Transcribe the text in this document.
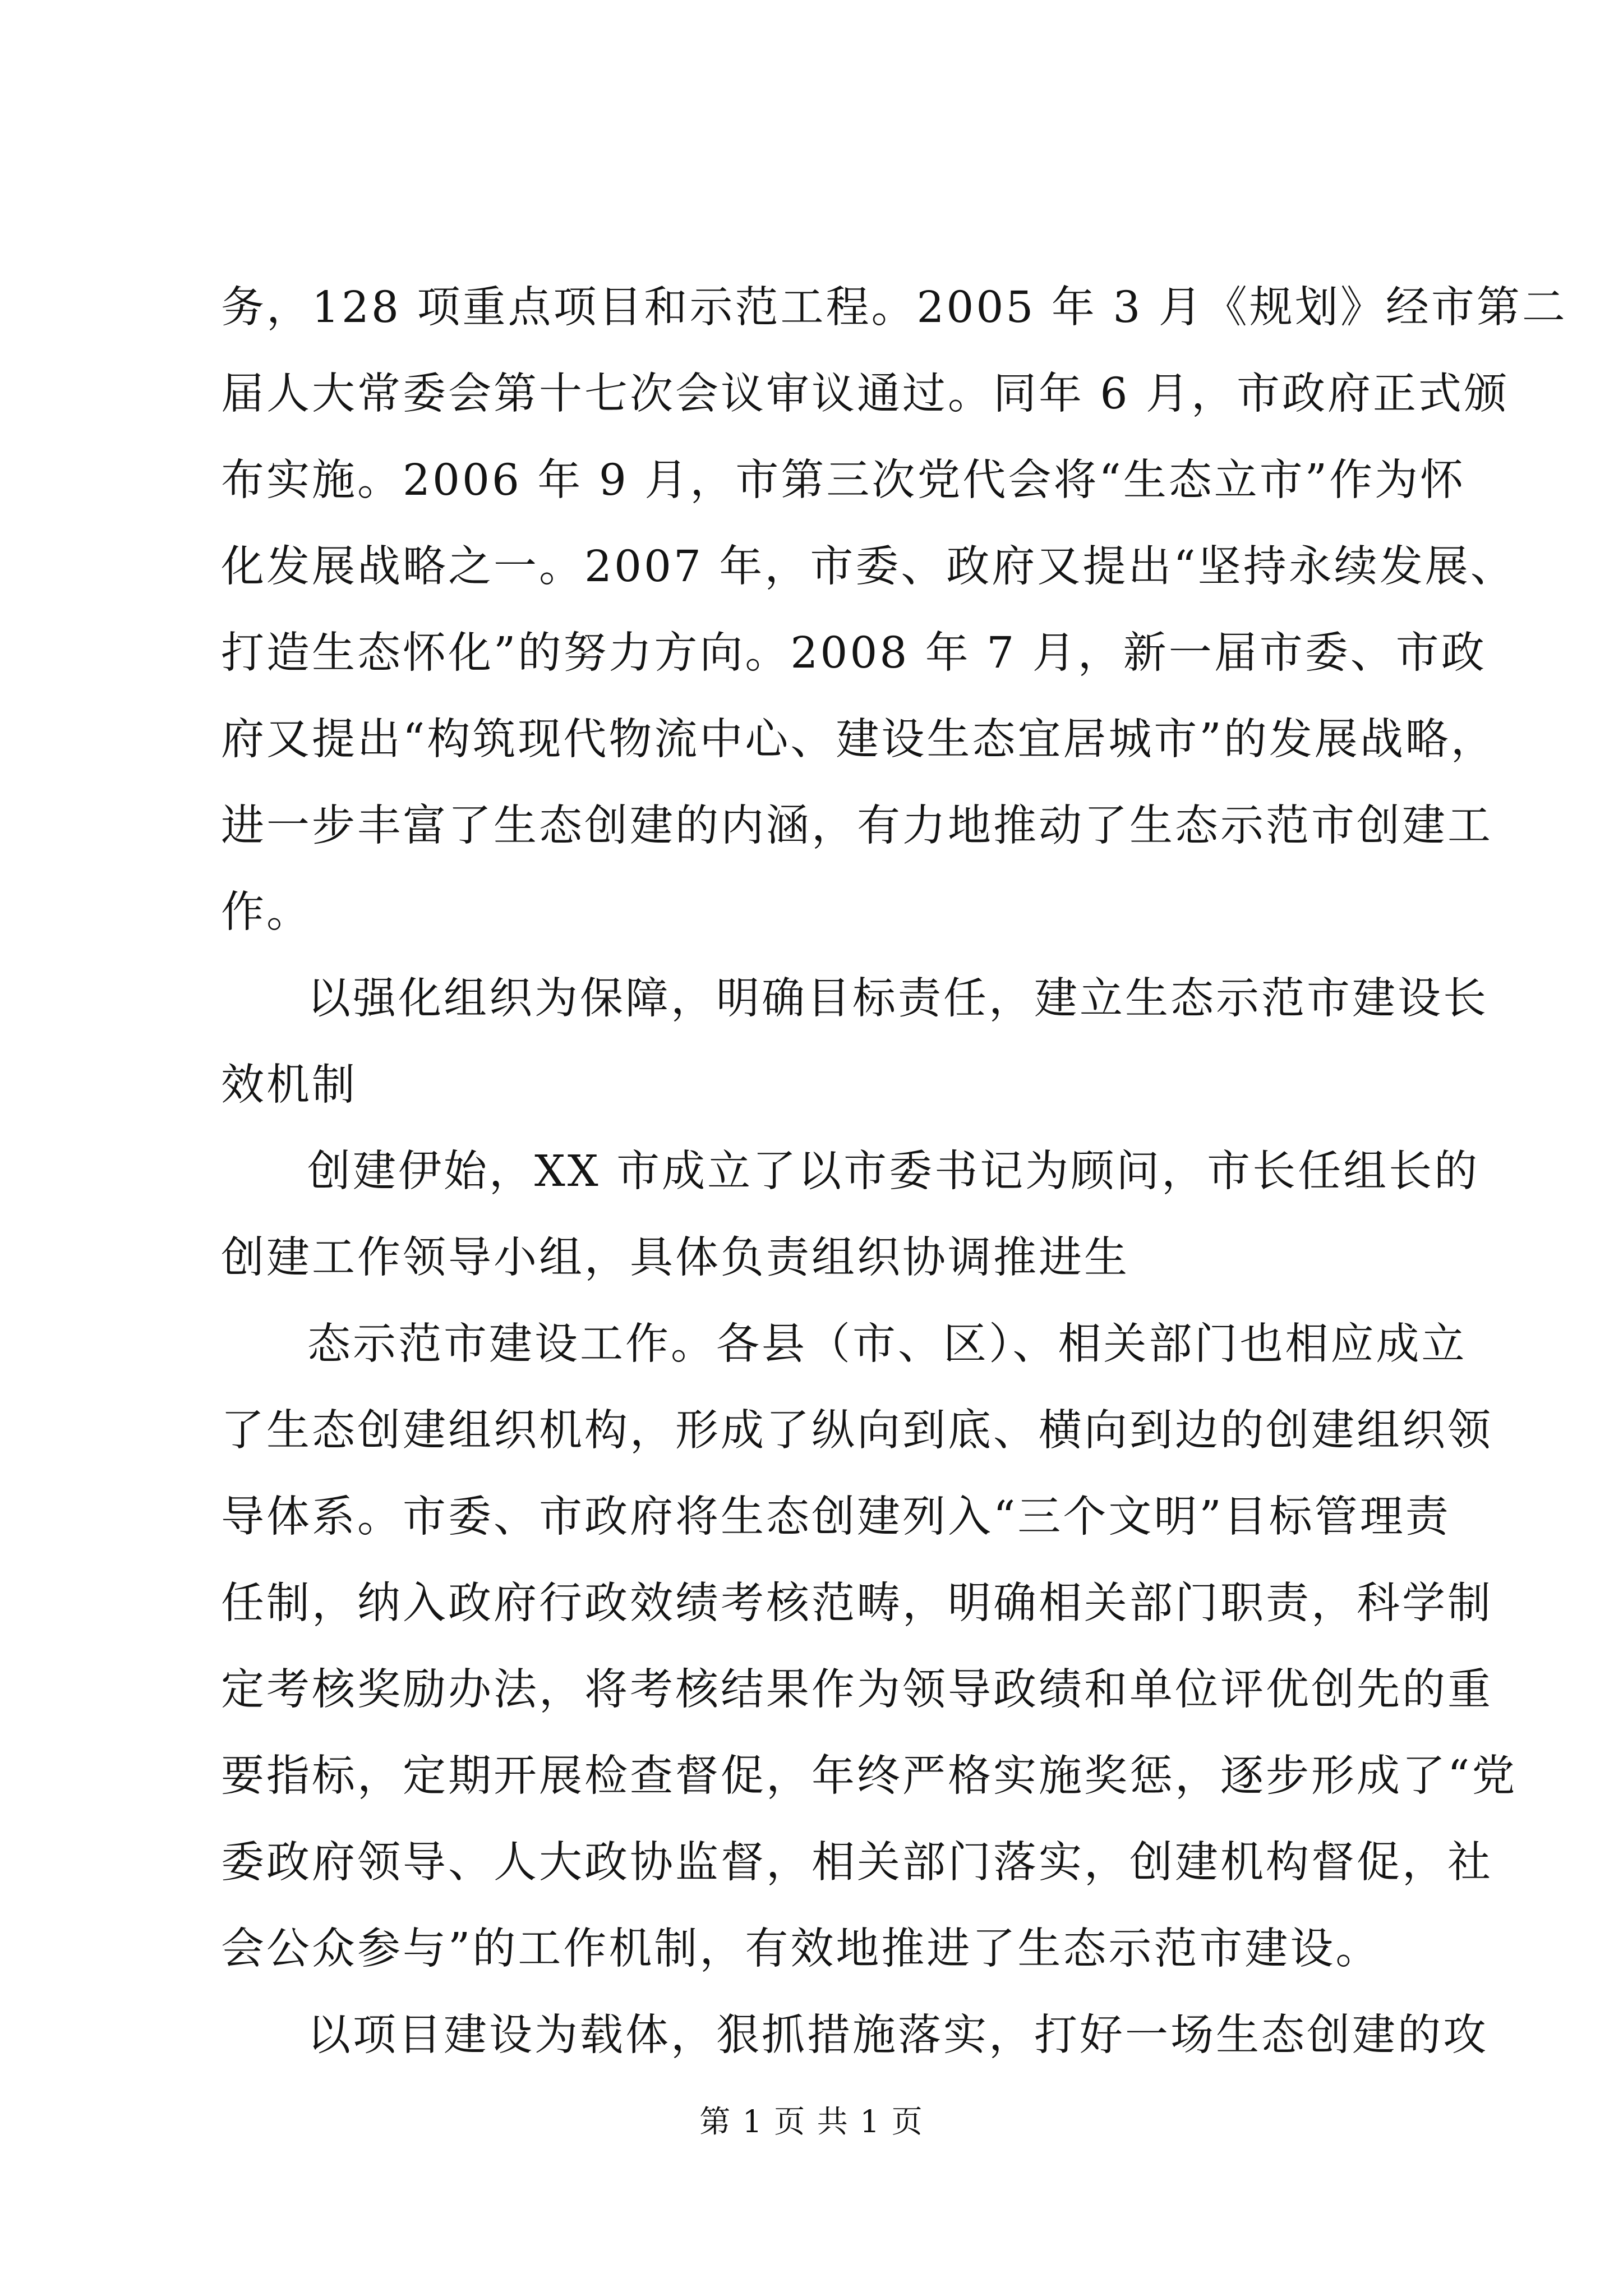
务，128 项重点项目和示范工程。2005 年 3 月《规划》经市第二
届人大常委会第十七次会议审议通过。同年 6 月，市政府正式颁
布实施。2006 年 9 月，市第三次党代会将“生态立市”作为怀
化发展战略之一。2007 年，市委、政府又提出“坚持永续发展、
打造生态怀化”的努力方向。2008 年 7 月，新一届市委、市政
府又提出“构筑现代物流中心、建设生态宜居城市”的发展战略，
进一步丰富了生态创建的内涵，有力地推动了生态示范市创建工
作。
以强化组织为保障，明确目标责任，建立生态示范市建设长
效机制
创建伊始，XX 市成立了以市委书记为顾问，市长任组长的
创建工作领导小组，具体负责组织协调推进生
态示范市建设工作。各县（市、区）、相关部门也相应成立
了生态创建组织机构，形成了纵向到底、横向到边的创建组织领
导体系。市委、市政府将生态创建列入“三个文明”目标管理责
任制，纳入政府行政效绩考核范畴，明确相关部门职责，科学制
定考核奖励办法，将考核结果作为领导政绩和单位评优创先的重
要指标，定期开展检查督促，年终严格实施奖惩，逐步形成了“党
委政府领导、人大政协监督，相关部门落实，创建机构督促，社
会公众参与”的工作机制，有效地推进了生态示范市建设。
以项目建设为载体，狠抓措施落实，打好一场生态创建的攻
第 1 页 共 1 页
